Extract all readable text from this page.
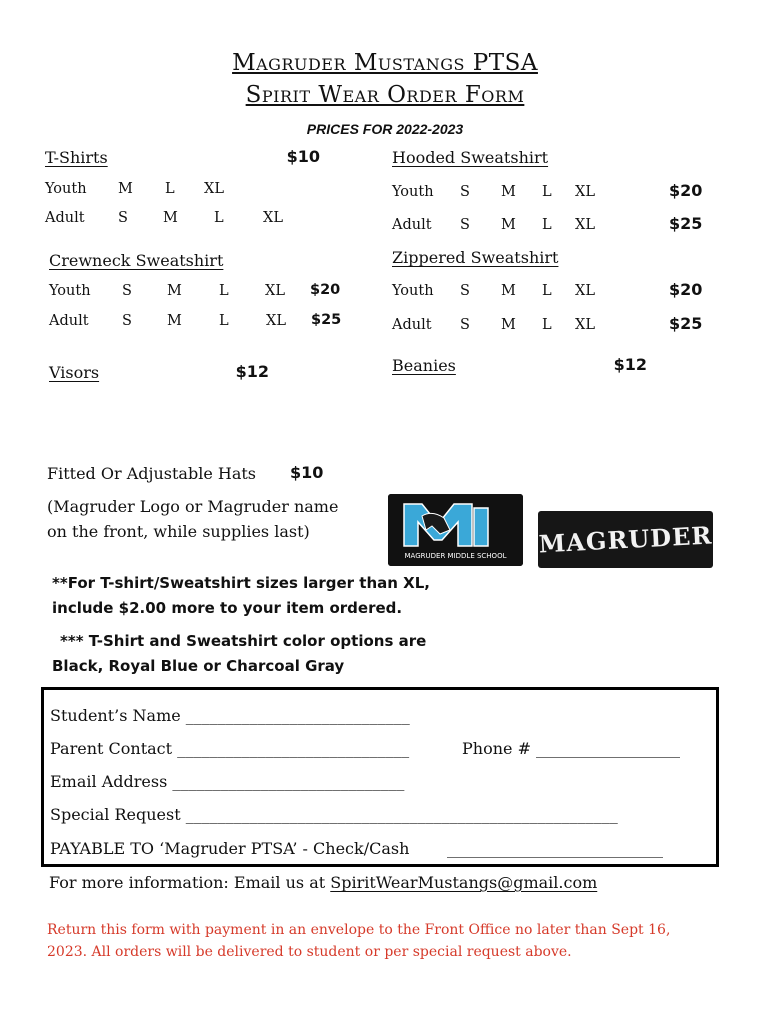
Magruder Mustangs PTSA
Spirit Wear Order Form
PRICES FOR 2022-2023
T-Shirts	$10
Youth M L XL
Adult S M L	XL
Hooded Sweatshirt
Youth S M L XL	$20
Adult S M L XL	$25
Crewneck Sweatshirt
Youth S M	L	XL $20
Adult S M	L	XL $25
Zippered Sweatshirt
Youth S M L XL	$20
Adult S M L XL	$25
Visors	$12	Beanies	$12
Fitted Or Adjustable Hats $10
(Magruder Logo or Magruder name
on the front, while supplies last)
MAGRUDER MIDDLE SCHOOL	MAGRUDER
**For T-shirt/Sweatshirt sizes larger than XL,
include $2.00 more to your item ordered.
*** T-Shirt and Sweatshirt color options are
Black, Royal Blue or Charcoal Gray
Student’s Name ____________________________
Parent Contact _____________________________	Phone # __________________
Email Address _____________________________
Special Request ______________________________________________________
PAYABLE TO ‘Magruder PTSA’ - Check/Cash ___________________________
For more information: Email us at SpiritWearMustangs@gmail.com
Return this form with payment in an envelope to the Front Office no later than Sept 16,
2023. All orders will be delivered to student or per special request above.
